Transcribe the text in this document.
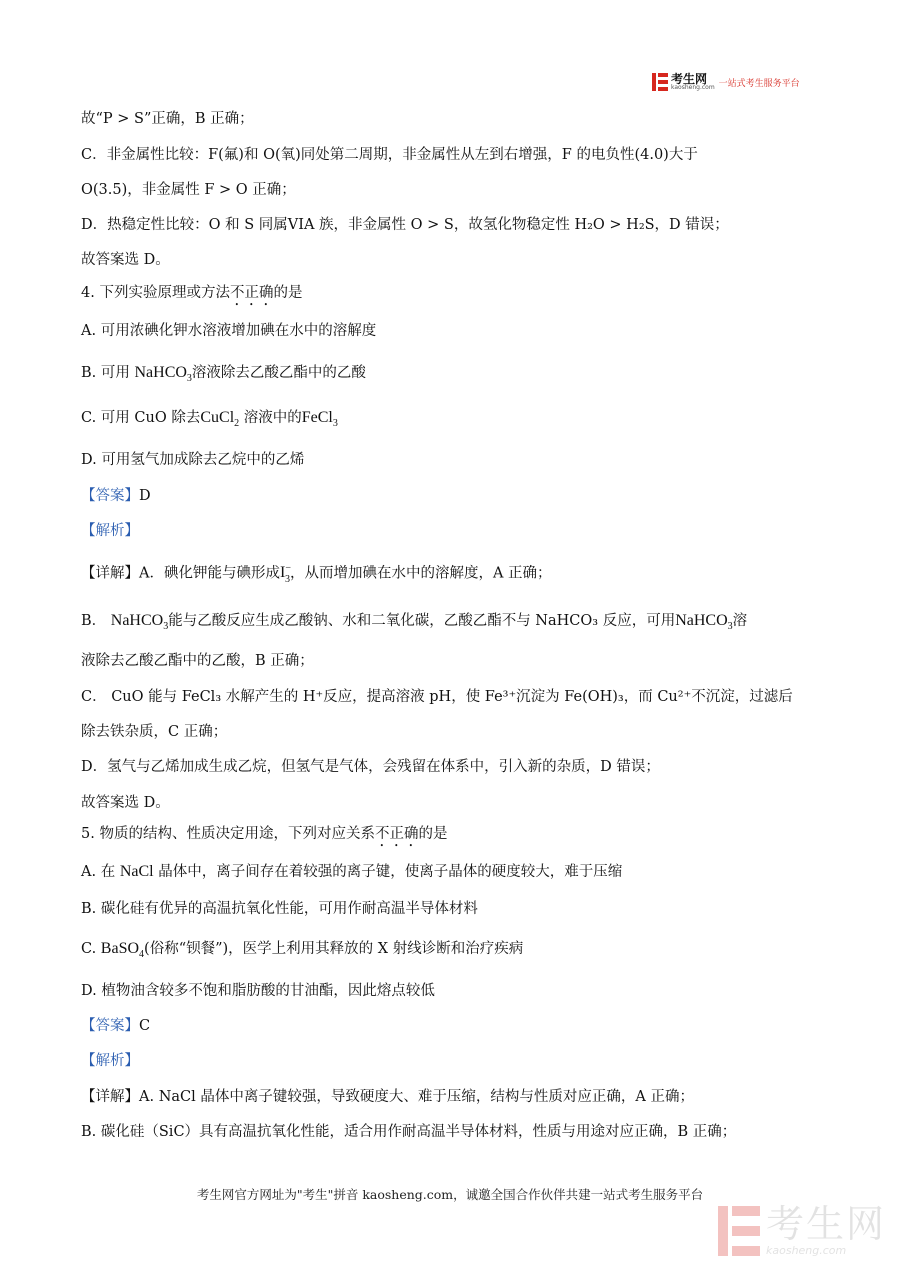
考生网
kaosheng.com 一站式考生服务平台
故“P > S”正确，B 正确；
C．非金属性比较：F(氟)和 O(氧)同处第二周期，非金属性从左到右增强，F 的电负性(4.0)大于
O(3.5)，非金属性 F > O 正确；
D．热稳定性比较：O 和 S 同属VIA 族，非金属性 O > S，故氢化物稳定性 H₂O > H₂S，D 错误；
故答案选 D。
4. 下列实验原理或方法不正确的是
A. 可用浓碘化钾水溶液增加碘在水中的溶解度
B. 可用 NaHCO$_3$溶液除去乙酸乙酯中的乙酸
C. 可用 CuO 除去CuCl$_2$ 溶液中的FeCl$_3$
D. 可用氢气加成除去乙烷中的乙烯
【答案】D
【解析】
【详解】A．碘化钾能与碘形成$I^-_3$，从而增加碘在水中的溶解度，A 正确；
B． NaHCO$_3$能与乙酸反应生成乙酸钠、水和二氧化碳，乙酸乙酯不与 NaHCO₃ 反应，可用NaHCO$_3$溶
液除去乙酸乙酯中的乙酸，B 正确；
C． CuO 能与 FeCl₃ 水解产生的 H⁺反应，提高溶液 pH，使 Fe³⁺沉淀为 Fe(OH)₃，而 Cu²⁺不沉淀，过滤后
除去铁杂质，C 正确；
D．氢气与乙烯加成生成乙烷，但氢气是气体，会残留在体系中，引入新的杂质，D 错误；
故答案选 D。
5. 物质的结构、性质决定用途，下列对应关系不正确的是
A. 在 NaCl 晶体中，离子间存在着较强的离子键，使离子晶体的硬度较大，难于压缩
B. 碳化硅有优异的高温抗氧化性能，可用作耐高温半导体材料
C. BaSO$_4$(俗称“钡餐”)，医学上利用其释放的 X 射线诊断和治疗疾病
D. 植物油含较多不饱和脂肪酸的甘油酯，因此熔点较低
【答案】C
【解析】
【详解】A. NaCl 晶体中离子键较强，导致硬度大、难于压缩，结构与性质对应正确，A 正确；
B. 碳化硅（SiC）具有高温抗氧化性能，适合用作耐高温半导体材料，性质与用途对应正确，B 正确；
考生网官方网址为"考生"拼音 kaosheng.com，诚邀全国合作伙伴共建一站式考生服务平台
考生网
kaosheng.com
